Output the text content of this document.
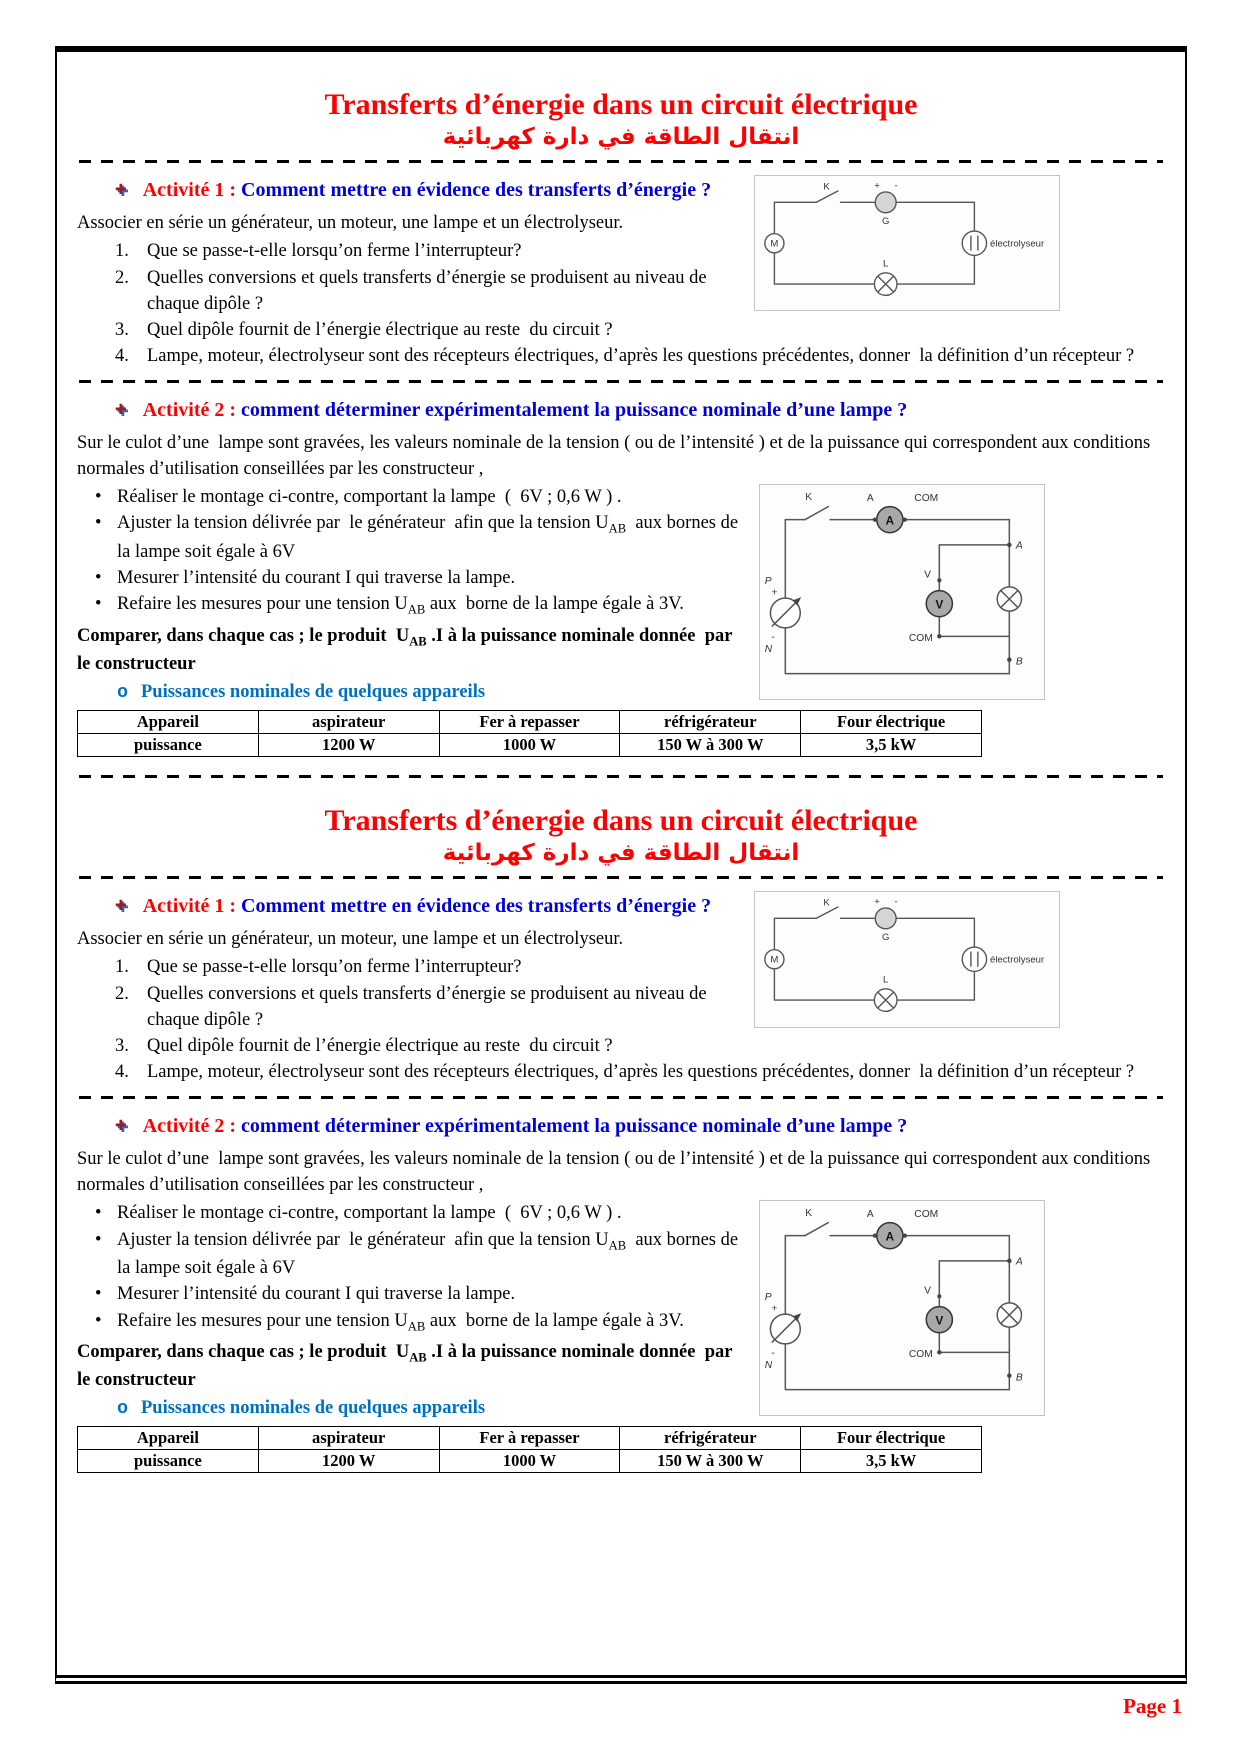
Transferts d’énergie dans un circuit électrique
انتقال الطاقة في دارة كهربائية
K	+ -
G
M
L
électrolyseur
✚ Activité 1 : Comment mettre en évidence des transferts d’énergie ?

Associer en série un générateur, un moteur, une lampe et un électrolyseur.

1. Que se passe-t-elle lorsqu’on ferme l’interrupteur?
2. Quelles conversions et quels transferts d’énergie se produisent au niveau de chaque dipôle ?
3. Quel dipôle fournit de l’énergie électrique au reste  du circuit ?
4. Lampe, moteur, électrolyseur sont des récepteurs électriques, d’après les questions précédentes, donner  la définition d’un récepteur ?
✚ Activité 2 : comment déterminer expérimentalement la puissance nominale d’une lampe ?

Sur le culot d’une  lampe sont gravées, les valeurs nominale de la tension ( ou de l’intensité ) et de la puissance qui correspondent aux conditions normales d’utilisation conseillées par les constructeur ,

A
V
K	A	COM
A
V
COM
B
P
+
-
N
• Réaliser le montage ci-contre, comportant la lampe  (  6V ; 0,6 W ) .
• Ajuster la tension délivrée par  le générateur  afin que la tension $U_{AB}$  aux bornes de la lampe soit égale à 6V
• Mesurer l’intensité du courant I qui traverse la lampe.
• Refaire les mesures pour une tension $U_{AB}$ aux  borne de la lampe égale à 3V.

Comparer, dans chaque cas ; le produit  $U_{AB}$ .I à la puissance nominale donnée  par le constructeur

o Puissances nominales de quelques appareils
Appareil	aspirateur	Fer à repasser	réfrigérateur	Four électrique
puissance	1200 W	1000 W	150 W à 300 W	3,5 kW
Transferts d’énergie dans un circuit électrique
انتقال الطاقة في دارة كهربائية
K	+ -
G
M
L
électrolyseur
✚ Activité 1 : Comment mettre en évidence des transferts d’énergie ?

Associer en série un générateur, un moteur, une lampe et un électrolyseur.

1. Que se passe-t-elle lorsqu’on ferme l’interrupteur?
2. Quelles conversions et quels transferts d’énergie se produisent au niveau de chaque dipôle ?
3. Quel dipôle fournit de l’énergie électrique au reste  du circuit ?
4. Lampe, moteur, électrolyseur sont des récepteurs électriques, d’après les questions précédentes, donner  la définition d’un récepteur ?
✚ Activité 2 : comment déterminer expérimentalement la puissance nominale d’une lampe ?

Sur le culot d’une  lampe sont gravées, les valeurs nominale de la tension ( ou de l’intensité ) et de la puissance qui correspondent aux conditions normales d’utilisation conseillées par les constructeur ,

A
V
K	A	COM
A
V
COM
B
P
+
-
N
• Réaliser le montage ci-contre, comportant la lampe  (  6V ; 0,6 W ) .
• Ajuster la tension délivrée par  le générateur  afin que la tension $U_{AB}$  aux bornes de la lampe soit égale à 6V
• Mesurer l’intensité du courant I qui traverse la lampe.
• Refaire les mesures pour une tension $U_{AB}$ aux  borne de la lampe égale à 3V.

Comparer, dans chaque cas ; le produit  $U_{AB}$ .I à la puissance nominale donnée  par le constructeur

o Puissances nominales de quelques appareils
Appareil	aspirateur	Fer à repasser	réfrigérateur	Four électrique
puissance	1200 W	1000 W	150 W à 300 W	3,5 kW
Page 1
